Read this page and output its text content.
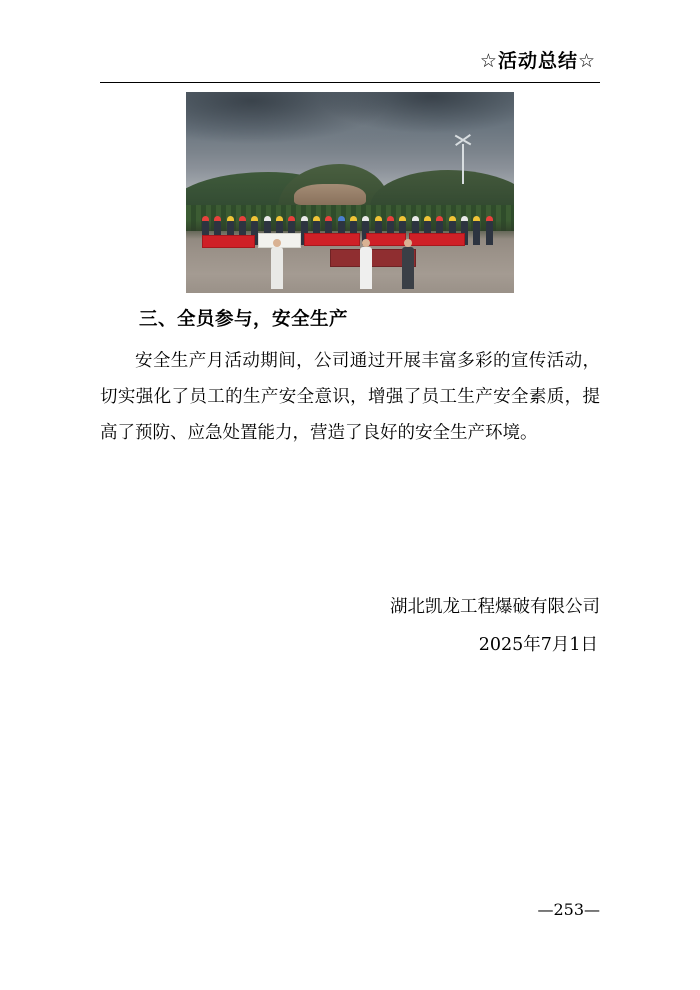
☆活动总结☆
三、全员参与，安全生产
安全生产月活动期间，公司通过开展丰富多彩的宣传活动，切实强化了员工的生产安全意识，增强了员工生产安全素质，提高了预防、应急处置能力，营造了良好的安全生产环境。
湖北凯龙工程爆破有限公司
2025年7月1日
—253—
